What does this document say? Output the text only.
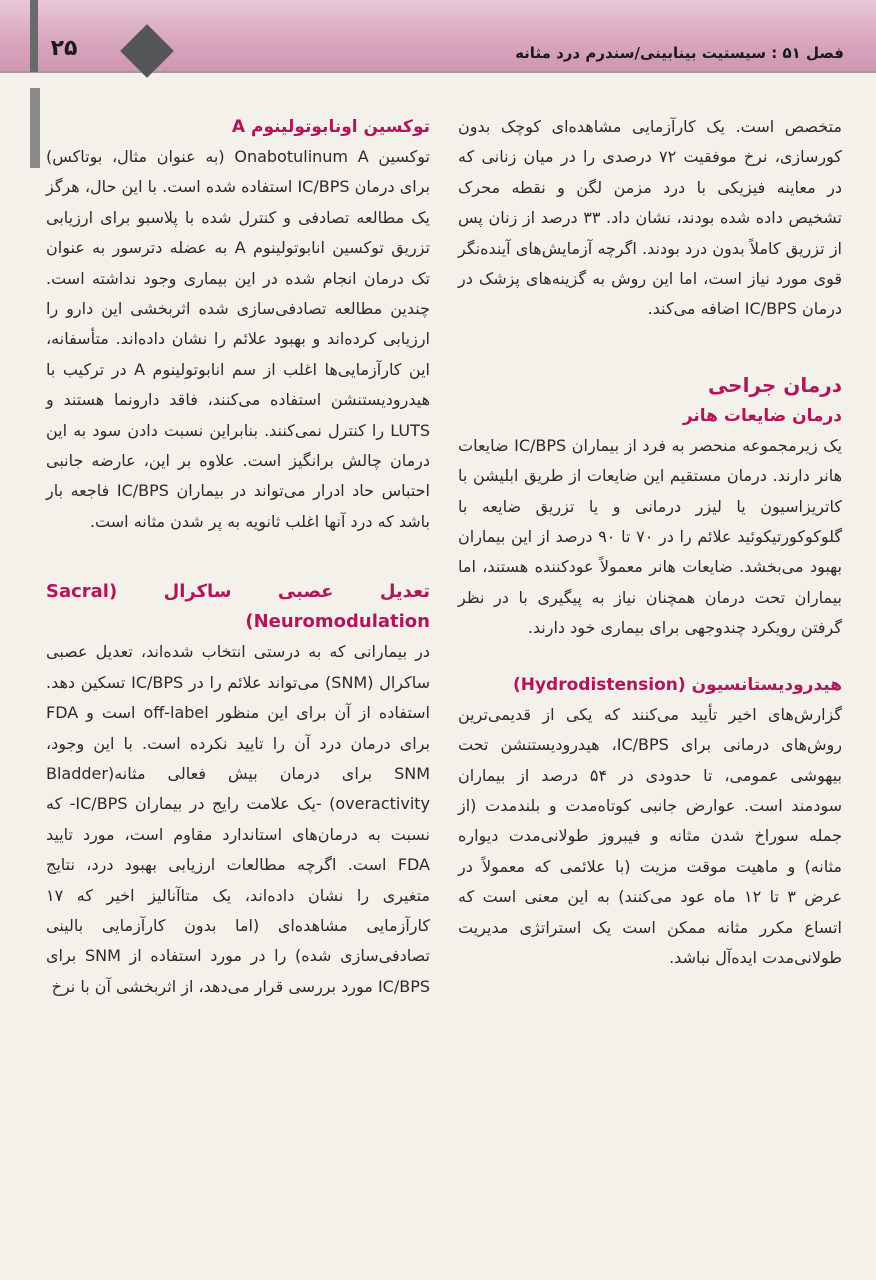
۲۵	فصل ۵۱ : سیستیت بینابینی/سندرم درد مثانه

متخصص است. یک کارآزمایی مشاهده‌ای کوچک بدون کورسازی، نرخ موفقیت ۷۲ درصدی را در میان زنانی که در معاینه فیزیکی با درد مزمن لگن و نقطه محرک تشخیص داده شده بودند، نشان داد. ۳۳ درصد از زنان پس از تزریق کاملاً بدون درد بودند. اگرچه آزمایش‌های آینده‌نگر قوی مورد نیاز است، اما این روش به گزینه‌های پزشک در درمان IC/BPS اضافه می‌کند.

درمان جراحی

درمان ضایعات هانر

یک زیرمجموعه منحصر به فرد از بیماران IC/BPS ضایعات هانر دارند. درمان مستقیم این ضایعات از طریق ابلیشن با کاتریزاسیون یا لیزر درمانی و یا تزریق ضایعه با گلوکوکورتیکوئید علائم را در ۷۰ تا ۹۰ درصد از این بیماران بهبود می‌بخشد. ضایعات هانر معمولاً عودکننده هستند، اما بیماران تحت درمان همچنان نیاز به پیگیری با در نظر گرفتن رویکرد چندوجهی برای بیماری خود دارند.

هیدرودیستانسیون (Hydrodistension)

گزارش‌های اخیر تأیید می‌کنند که یکی از قدیمی‌ترین روش‌های درمانی برای IC/BPS، هیدرودیستنشن تحت بیهوشی عمومی، تا حدودی در ۵۴ درصد از بیماران سودمند است. عوارض جانبی کوتاه‌مدت و بلندمدت (از جمله سوراخ شدن مثانه و فیبروز طولانی‌مدت دیواره مثانه) و ماهیت موقت مزیت (با علائمی که معمولاً در عرض ۳ تا ۱۲ ماه عود می‌کنند) به این معنی است که اتساع مکرر مثانه ممکن است یک استراتژی مدیریت طولانی‌مدت ایده‌آل نباشد.

توکسین اونابوتولینوم A

توکسین Onabotulinum A (به عنوان مثال، بوتاکس) برای درمان IC/BPS استفاده شده است. با این حال، هرگز یک مطالعه تصادفی و کنترل شده با پلاسبو برای ارزیابی تزریق توکسین انابوتولینوم A به عضله دترسور به عنوان تک درمان انجام شده در این بیماری وجود نداشته است. چندین مطالعه تصادفی‌سازی شده اثربخشی این دارو را ارزیابی کرده‌اند و بهبود علائم را نشان داده‌اند. متأسفانه، این کارآزمایی‌ها اغلب از سم انابوتولینوم A در ترکیب با هیدرودیستنشن استفاده می‌کنند، فاقد دارونما هستند و LUTS را کنترل نمی‌کنند. بنابراین نسبت دادن سود به این درمان چالش برانگیز است. علاوه بر این، عارضه جانبی احتباس حاد ادرار می‌تواند در بیماران IC/BPS فاجعه بار باشد که درد آنها اغلب ثانویه به پر شدن مثانه است.

تعدیل عصبی ساکرال (Sacral Neuromodulation)

در بیمارانی که به درستی انتخاب شده‌اند، تعدیل عصبی ساکرال (SNM) می‌تواند علائم را در IC/BPS تسکین دهد. استفاده از آن برای این منظور off-label است و FDA برای درمان درد آن را تایید نکرده است. با این وجود، SNM برای درمان بیش فعالی مثانه(Bladder overactivity) -یک علامت رایج در بیماران IC/BPS- که نسبت به درمان‌های استاندارد مقاوم است، مورد تایید FDA است. اگرچه مطالعات ارزیابی بهبود درد، نتایج متغیری را نشان داده‌اند، یک متاآنالیز اخیر که ۱۷ کارآزمایی مشاهده‌ای (اما بدون کارآزمایی بالینی تصادفی‌سازی شده) را در مورد استفاده از SNM برای IC/BPS مورد بررسی قرار می‌دهد، از اثربخشی آن با نرخ
